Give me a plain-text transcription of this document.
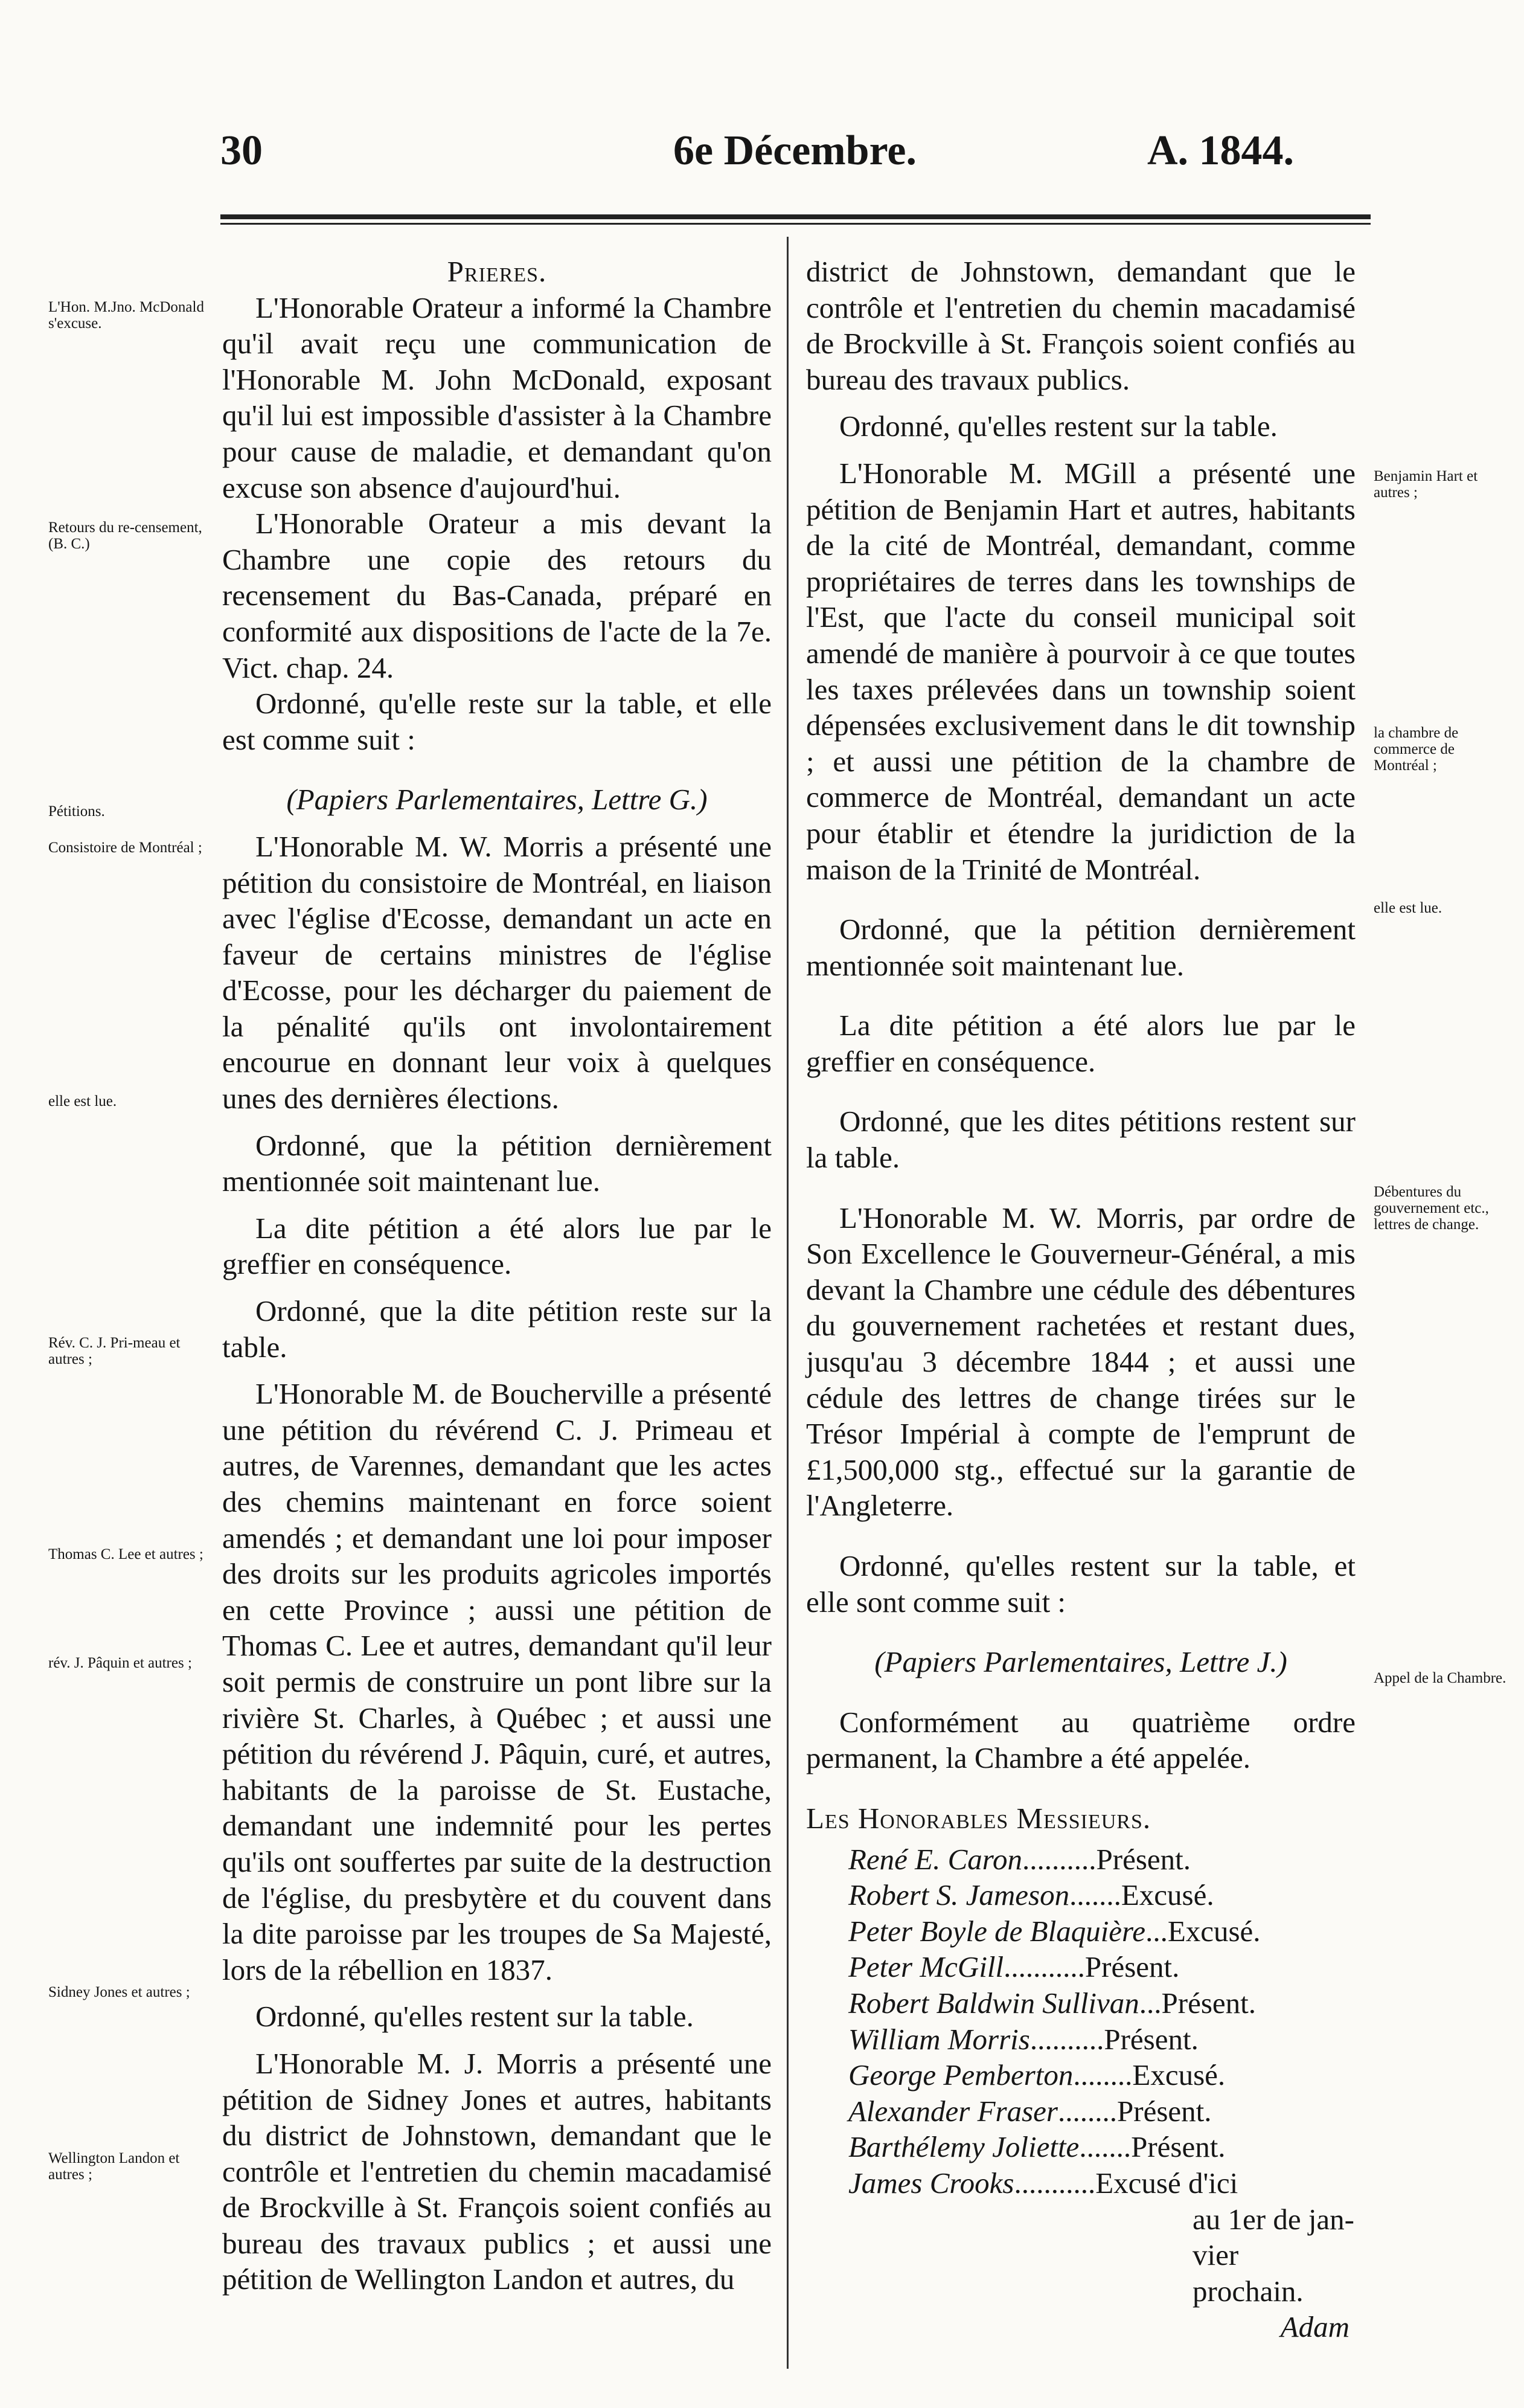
30	6e Décembre.	A. 1844.
L'Hon. M.Jno. McDonald s'excuse.
Retours du re-censement, (B. C.)
Pétitions.
Consistoire de Montréal ;
elle est lue.
Rév. C. J. Pri-meau et autres ;
Thomas C. Lee et autres ;
rév. J. Pâquin et autres ;
Sidney Jones et autres ;
Wellington Landon et autres ;
Benjamin Hart et autres ;
la chambre de commerce de Montréal ;
elle est lue.
Débentures du gouvernement etc., lettres de change.
Appel de la Chambre.

Prieres.

L'Honorable Orateur a informé la Chambre qu'il avait reçu une communication de l'Honorable M. John McDonald, exposant qu'il lui est impossible d'assister à la Chambre pour cause de maladie, et demandant qu'on excuse son absence d'aujourd'hui.

L'Honorable Orateur a mis devant la Chambre une copie des retours du recensement du Bas-Canada, préparé en conformité aux dispositions de l'acte de la 7e. Vict. chap. 24.

Ordonné, qu'elle reste sur la table, et elle est comme suit :

(Papiers Parlementaires, Lettre G.)

L'Honorable M. W. Morris a présenté une pétition du consistoire de Montréal, en liaison avec l'église d'Ecosse, demandant un acte en faveur de certains ministres de l'église d'Ecosse, pour les décharger du paiement de la pénalité qu'ils ont involontairement encourue en donnant leur voix à quelques unes des dernières élections.

Ordonné, que la pétition dernièrement mentionnée soit maintenant lue.

La dite pétition a été alors lue par le greffier en conséquence.

Ordonné, que la dite pétition reste sur la table.

L'Honorable M. de Boucherville a présenté une pétition du révérend C. J. Primeau et autres, de Varennes, demandant que les actes des chemins maintenant en force soient amendés ; et demandant une loi pour imposer des droits sur les produits agricoles importés en cette Province ; aussi une pétition de Thomas C. Lee et autres, demandant qu'il leur soit permis de construire un pont libre sur la rivière St. Charles, à Québec ; et aussi une pétition du révérend J. Pâquin, curé, et autres, habitants de la paroisse de St. Eustache, demandant une indemnité pour les pertes qu'ils ont souffertes par suite de la destruction de l'église, du presbytère et du couvent dans la dite paroisse par les troupes de Sa Majesté, lors de la rébellion en 1837.

Ordonné, qu'elles restent sur la table.

L'Honorable M. J. Morris a présenté une pétition de Sidney Jones et autres, habitants du district de Johnstown, demandant que le contrôle et l'entretien du chemin macadamisé de Brockville à St. François soient confiés au bureau des travaux publics ; et aussi une pétition de Wellington Landon et autres, du

district de Johnstown, demandant que le contrôle et l'entretien du chemin macadamisé de Brockville à St. François soient confiés au bureau des travaux publics.

Ordonné, qu'elles restent sur la table.

L'Honorable M. MGill a présenté une pétition de Benjamin Hart et autres, habitants de la cité de Montréal, demandant, comme propriétaires de terres dans les townships de l'Est, que l'acte du conseil municipal soit amendé de manière à pourvoir à ce que toutes les taxes prélevées dans un township soient dépensées exclusivement dans le dit township ; et aussi une pétition de la chambre de commerce de Montréal, demandant un acte pour établir et étendre la juridiction de la maison de la Trinité de Montréal.

Ordonné, que la pétition dernièrement mentionnée soit maintenant lue.

La dite pétition a été alors lue par le greffier en conséquence.

Ordonné, que les dites pétitions restent sur la table.

L'Honorable M. W. Morris, par ordre de Son Excellence le Gouverneur-Général, a mis devant la Chambre une cédule des débentures du gouvernement rachetées et restant dues, jusqu'au 3 décembre 1844 ; et aussi une cédule des lettres de change tirées sur le Trésor Impérial à compte de l'emprunt de £1,500,000 stg., effectué sur la garantie de l'Angleterre.

Ordonné, qu'elles restent sur la table, et elle sont comme suit :

(Papiers Parlementaires, Lettre J.)

Conformément au quatrième ordre permanent, la Chambre a été appelée.

Les Honorables Messieurs.

René E. Caron..........Présent.
Robert S. Jameson.......Excusé.
Peter Boyle de Blaquière...Excusé.
Peter McGill...........Présent.
Robert Baldwin Sullivan...Présent.
William Morris..........Présent.
George Pemberton........Excusé.
Alexander Fraser........Présent.
Barthélemy Joliette.......Présent.
James Crooks...........Excusé d'ici

au 1er de jan-

vier prochain.

Adam
